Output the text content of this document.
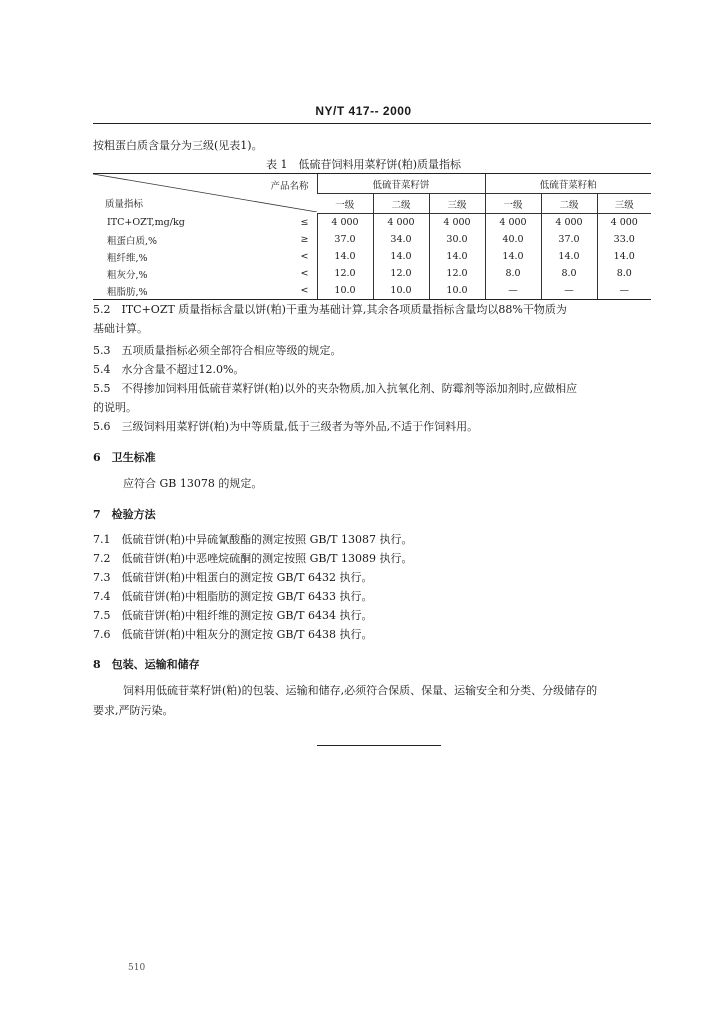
NY/T 417-- 2000
按粗蛋白质含量分为三级(见表1)。
表 1　低硫苷饲料用菜籽饼(粕)质量指标
产品名称
质量指标		低硫苷菜籽饼			低硫苷菜籽粕		
		一级	二级	三级	一级	二级	三级
ITC+OZT,mg/kg	≤	4 000	4 000	4 000	4 000	4 000	4 000
粗蛋白质,%	≥	37.0	34.0	30.0	40.0	37.0	33.0
粗纤维,%	<	14.0	14.0	14.0	14.0	14.0	14.0
粗灰分,%	<	12.0	12.0	12.0	8.0	8.0	8.0
粗脂肪,%	<	10.0	10.0	10.0	—	—	—
5.2　ITC+OZT 质量指标含量以饼(粕)干重为基础计算,其余各项质量指标含量均以88%干物质为
基础计算。
5.3　五项质量指标必须全部符合相应等级的规定。
5.4　水分含量不超过12.0%。
5.5　不得掺加饲料用低硫苷菜籽饼(粕)以外的夹杂物质,加入抗氧化剂、防霉剂等添加剂时,应做相应
的说明。
5.6　三级饲料用菜籽饼(粕)为中等质量,低于三级者为等外品,不适于作饲料用。
6　卫生标准
应符合 GB 13078 的规定。
7　检验方法
7.1　低硫苷饼(粕)中异硫氰酸酯的测定按照 GB/T 13087 执行。
7.2　低硫苷饼(粕)中恶唑烷硫酮的测定按照 GB/T 13089 执行。
7.3　低硫苷饼(粕)中粗蛋白的测定按 GB/T 6432 执行。
7.4　低硫苷饼(粕)中粗脂肪的测定按 GB/T 6433 执行。
7.5　低硫苷饼(粕)中粗纤维的测定按 GB/T 6434 执行。
7.6　低硫苷饼(粕)中粗灰分的测定按 GB/T 6438 执行。
8　包装、运输和储存
饲料用低硫苷菜籽饼(粕)的包装、运输和储存,必须符合保质、保量、运输安全和分类、分级储存的
要求,严防污染。
510
